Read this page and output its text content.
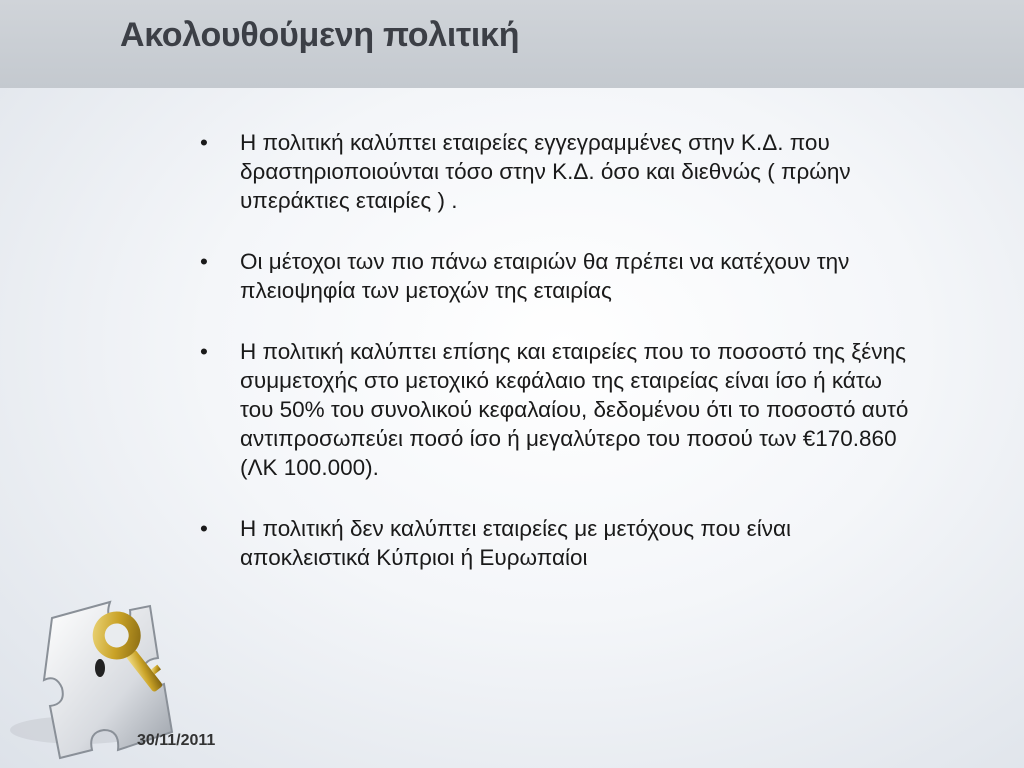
Ακολουθούμενη πολιτική
• Η πολιτική καλύπτει εταιρείες εγγεγραμμένες στην Κ.Δ. που δραστηριοποιούνται τόσο στην Κ.Δ. όσο και διεθνώς ( πρώην υπεράκτιες εταιρίες ) .
• Οι μέτοχοι των πιο πάνω εταιριών θα πρέπει να κατέχουν την πλειοψηφία των μετοχών της εταιρίας
• Η πολιτική καλύπτει επίσης και εταιρείες που το ποσοστό της ξένης συμμετοχής στο μετοχικό κεφάλαιο της εταιρείας είναι ίσο ή κάτω του 50% του συνολικού κεφαλαίου, δεδομένου ότι το ποσοστό αυτό αντιπροσωπεύει ποσό ίσο ή μεγαλύτερο του ποσού των €170.860 (ΛΚ 100.000).
• Η πολιτική δεν καλύπτει εταιρείες με μετόχους που είναι αποκλειστικά Κύπριοι ή Ευρωπαίοι
30/11/2011
